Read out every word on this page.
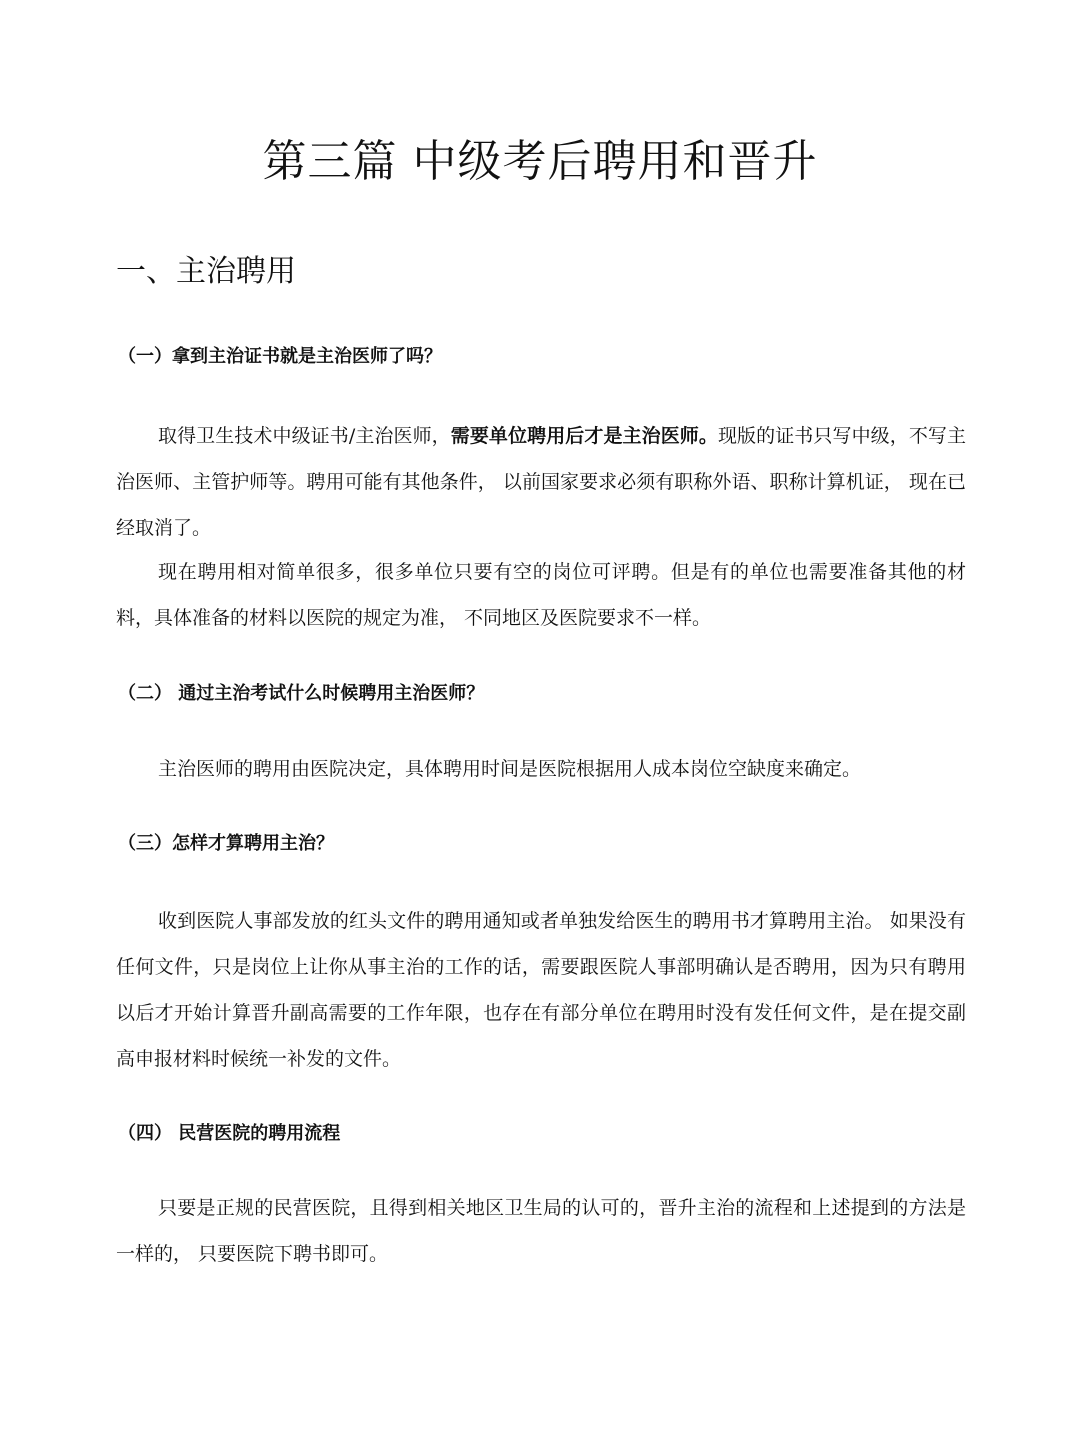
第三篇 中级考后聘用和晋升
一、主治聘用
（一）拿到主治证书就是主治医师了吗？

取得卫生技术中级证书/主治医师，需要单位聘用后才是主治医师。现版的证书只写中级，不写主治医师、主管护师等。聘用可能有其他条件， 以前国家要求必须有职称外语、职称计算机证， 现在已经取消了。

现在聘用相对简单很多，很多单位只要有空的岗位可评聘。但是有的单位也需要准备其他的材料，具体准备的材料以医院的规定为准， 不同地区及医院要求不一样。

（二） 通过主治考试什么时候聘用主治医师？

主治医师的聘用由医院决定，具体聘用时间是医院根据用人成本岗位空缺度来确定。

（三）怎样才算聘用主治？

收到医院人事部发放的红头文件的聘用通知或者单独发给医生的聘用书才算聘用主治。 如果没有任何文件，只是岗位上让你从事主治的工作的话，需要跟医院人事部明确认是否聘用，因为只有聘用以后才开始计算晋升副高需要的工作年限，也存在有部分单位在聘用时没有发任何文件，是在提交副高申报材料时候统一补发的文件。

（四） 民营医院的聘用流程

只要是正规的民营医院，且得到相关地区卫生局的认可的，晋升主治的流程和上述提到的方法是一样的， 只要医院下聘书即可。
